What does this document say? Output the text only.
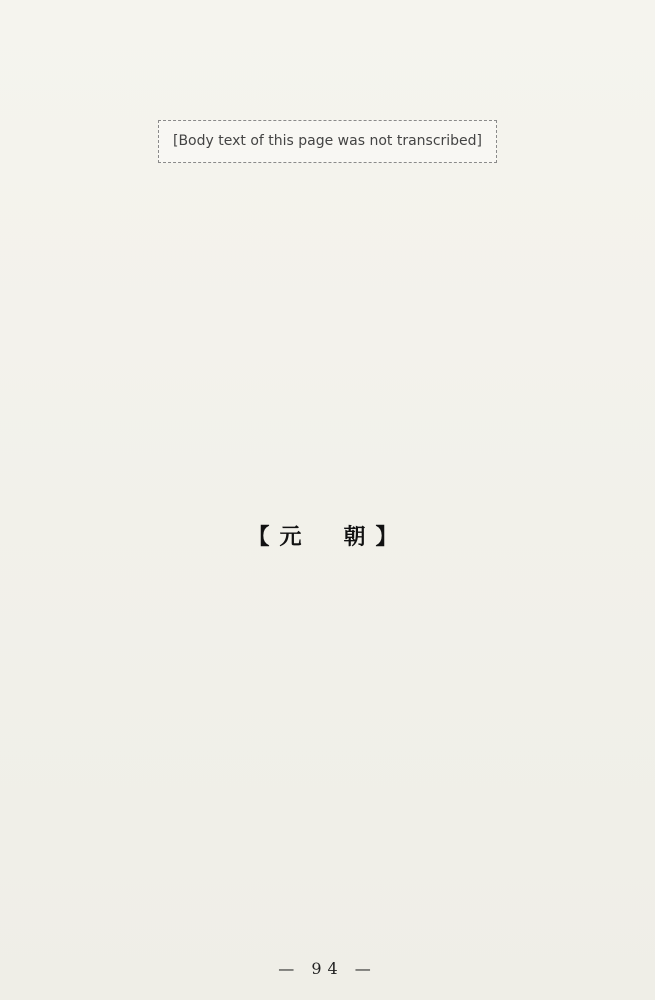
[Body text of this page was not transcribed]
【元　朝】
— 94 —
